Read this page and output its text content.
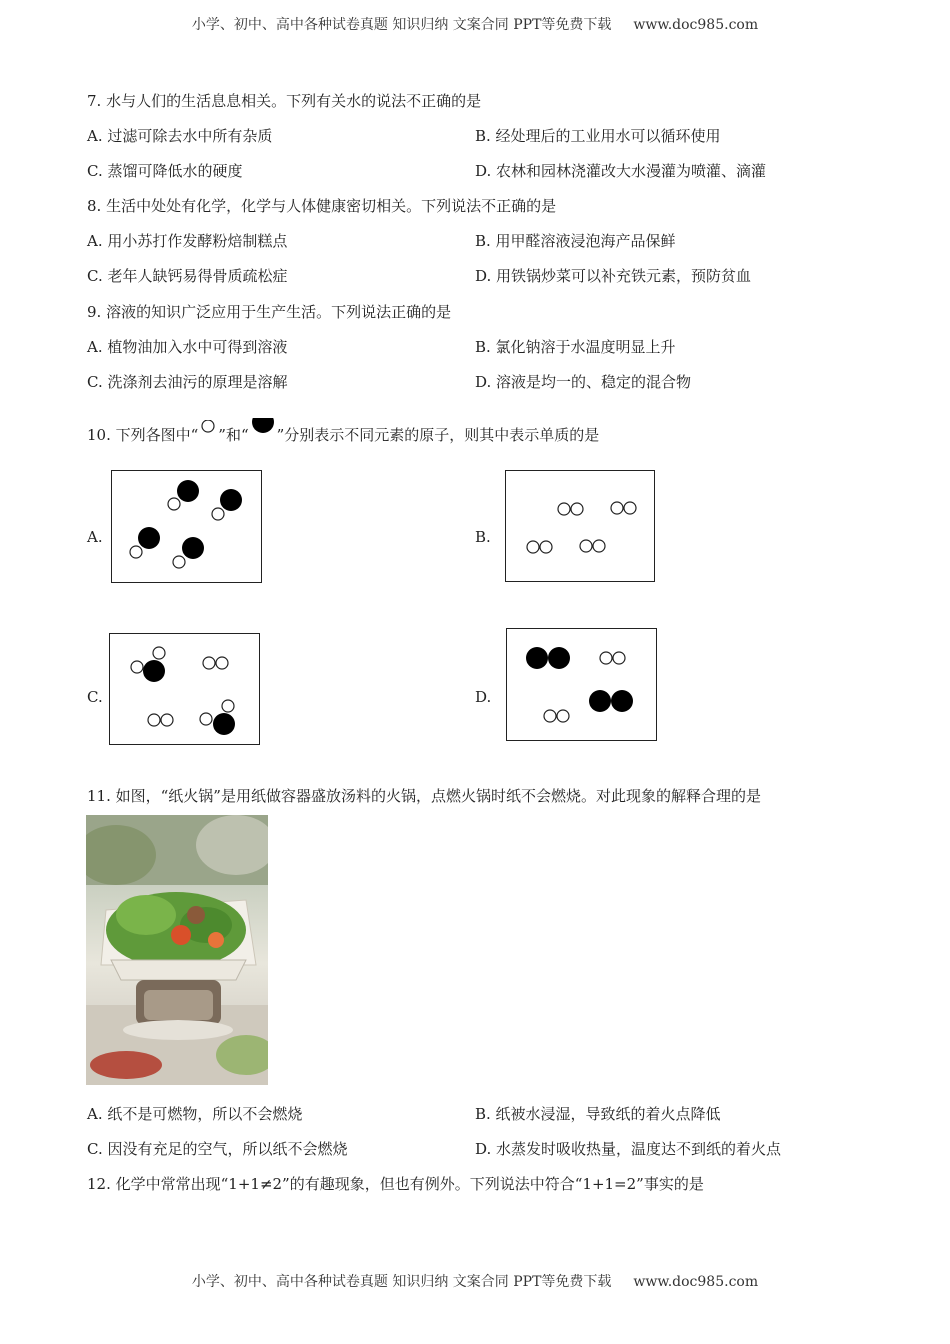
小学、初中、高中各种试卷真题 知识归纳 文案合同 PPT等免费下载 www.doc985.com
7. 水与人们的生活息息相关。下列有关水的说法不正确的是
A. 过滤可除去水中所有杂质	B. 经处理后的工业用水可以循环使用
C. 蒸馏可降低水的硬度	D. 农林和园林浇灌改大水漫灌为喷灌、滴灌
8. 生活中处处有化学，化学与人体健康密切相关。下列说法不正确的是
A. 用小苏打作发酵粉焙制糕点	B. 用甲醛溶液浸泡海产品保鲜
C. 老年人缺钙易得骨质疏松症	D. 用铁锅炒菜可以补充铁元素，预防贫血
9. 溶液的知识广泛应用于生产生活。下列说法正确的是
A. 植物油加入水中可得到溶液	B. 氯化钠溶于水温度明显上升
C. 洗涤剂去油污的原理是溶解	D. 溶液是均一的、稳定的混合物
10. 下列各图中“ ”和“ ”分别表示不同元素的原子，则其中表示单质的是
A.	B.
C.	D.
11. 如图，“纸火锅”是用纸做容器盛放汤料的火锅，点燃火锅时纸不会燃烧。对此现象的解释合理的是
A. 纸不是可燃物，所以不会燃烧	B. 纸被水浸湿，导致纸的着火点降低
C. 因没有充足的空气，所以纸不会燃烧	D. 水蒸发时吸收热量，温度达不到纸的着火点
12. 化学中常常出现“1+1≠2”的有趣现象，但也有例外。下列说法中符合“1+1=2”事实的是
小学、初中、高中各种试卷真题 知识归纳 文案合同 PPT等免费下载 www.doc985.com
